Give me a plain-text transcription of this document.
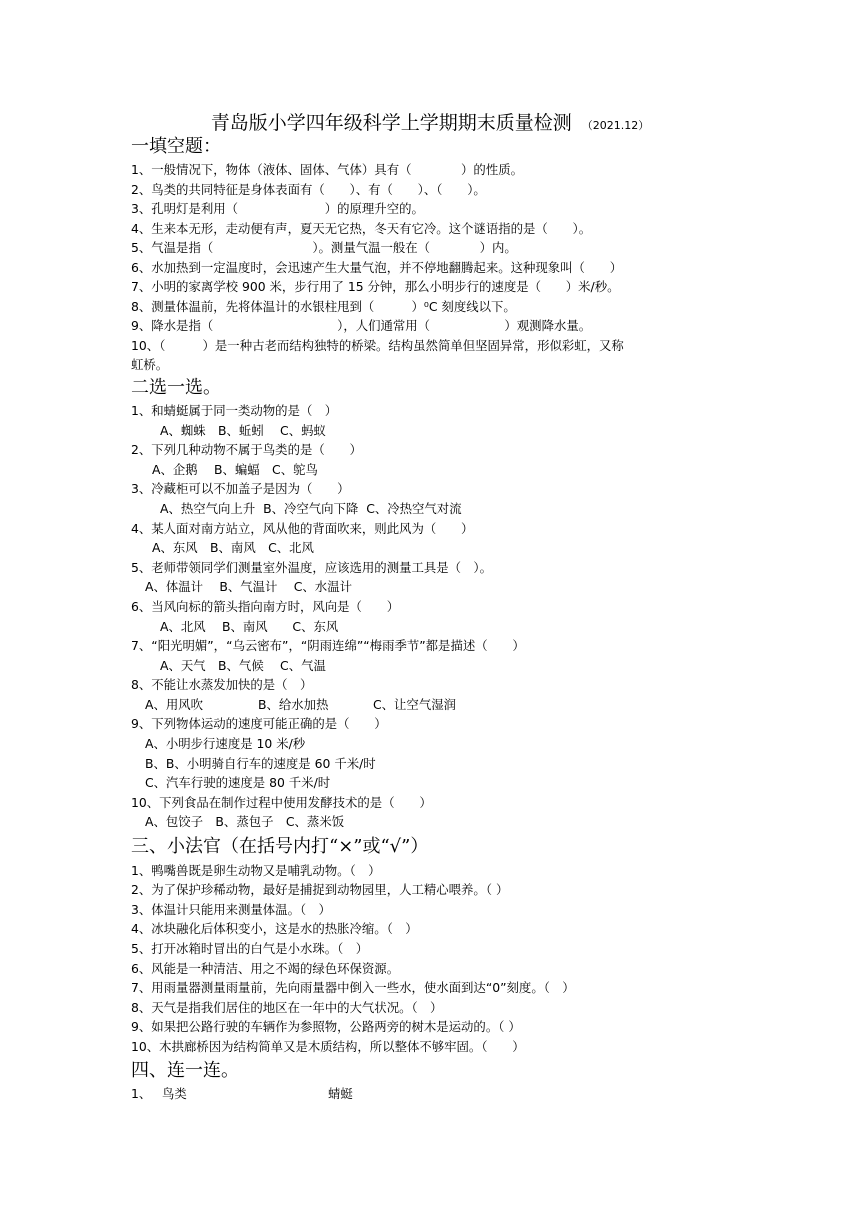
青岛版小学四年级科学上学期期末质量检测 （2021.12）
一填空题：
1、一般情况下，物体（液体、固体、气体）具有（　　　　）的性质。
2、鸟类的共同特征是身体表面有（　　）、有（　　）、（　　）。
3、孔明灯是利用（　　　　　　　）的原理升空的。
4、生来本无形，走动便有声，夏天无它热，冬天有它冷。这个谜语指的是（　　）。
5、气温是指（　　　　　　　　）。测量气温一般在（　　　　）内。
6、水加热到一定温度时，会迅速产生大量气泡，并不停地翻腾起来。这种现象叫（　　）
7、小明的家离学校 900 米，步行用了 15 分钟，那么小明步行的速度是（　　）米/秒。
8、测量体温前，先将体温计的水银柱甩到（　　　）⁰C 刻度线以下。
9、降水是指（　　　　　　　　　　），人们通常用（　　　　　　）观测降水量。
10、（　　　）是一种古老而结构独特的桥梁。结构虽然简单但坚固异常，形似彩虹，又称
虹桥。
二选一选。
1、和蜻蜓属于同一类动物的是（　）
A、蜘蛛　B、蚯蚓　 C、蚂蚁
2、下列几种动物不属于鸟类的是（　　）
A、企鹅　 B、蝙蝠　C、鸵鸟
3、冷藏柜可以不加盖子是因为（　　）
A、热空气向上升  B、冷空气向下降  C、冷热空气对流
4、某人面对南方站立，风从他的背面吹来，则此风为（　　）
A、东风　B、南风　C、北风
5、老师带领同学们测量室外温度，应该选用的测量工具是（　）。
A、体温计　 B、气温计　 C、水温计
6、当风向标的箭头指向南方时，风向是（　　）
A、北风　 B、南风　　C、东风
7、“阳光明媚”，“乌云密布”，“阴雨连绵”“梅雨季节”都是描述（　　）
A、天气　B、气候　 C、气温
8、不能让水蒸发加快的是（　）
A、用风吹	B、给水加热	C、让空气湿润
9、下列物体运动的速度可能正确的是（　　）
A、小明步行速度是 10 米/秒
B、B、小明骑自行车的速度是 60 千米/时
C、汽车行驶的速度是 80 千米/时
10、下列食品在制作过程中使用发酵技术的是（　　）
A、包饺子　B、蒸包子　C、蒸米饭
三、小法官（在括号内打“×”或“√”）
1、鸭嘴兽既是卵生动物又是哺乳动物。（　）
2、为了保护珍稀动物，最好是捕捉到动物园里，人工精心喂养。（ ）
3、体温计只能用来测量体温。（　）
4、冰块融化后体积变小，这是水的热胀冷缩。（　）
5、打开冰箱时冒出的白气是小水珠。（　）
6、风能是一种清洁、用之不竭的绿色环保资源。
7、用雨量器测量雨量前，先向雨量器中倒入一些水，使水面到达“0”刻度。（　）
8、天气是指我们居住的地区在一年中的大气状况。（　）
9、如果把公路行驶的车辆作为参照物，公路两旁的树木是运动的。（ ）
10、木拱廊桥因为结构简单又是木质结构，所以整体不够牢固。（　　）
四、连一连。
1、 鸟类	蜻蜓
